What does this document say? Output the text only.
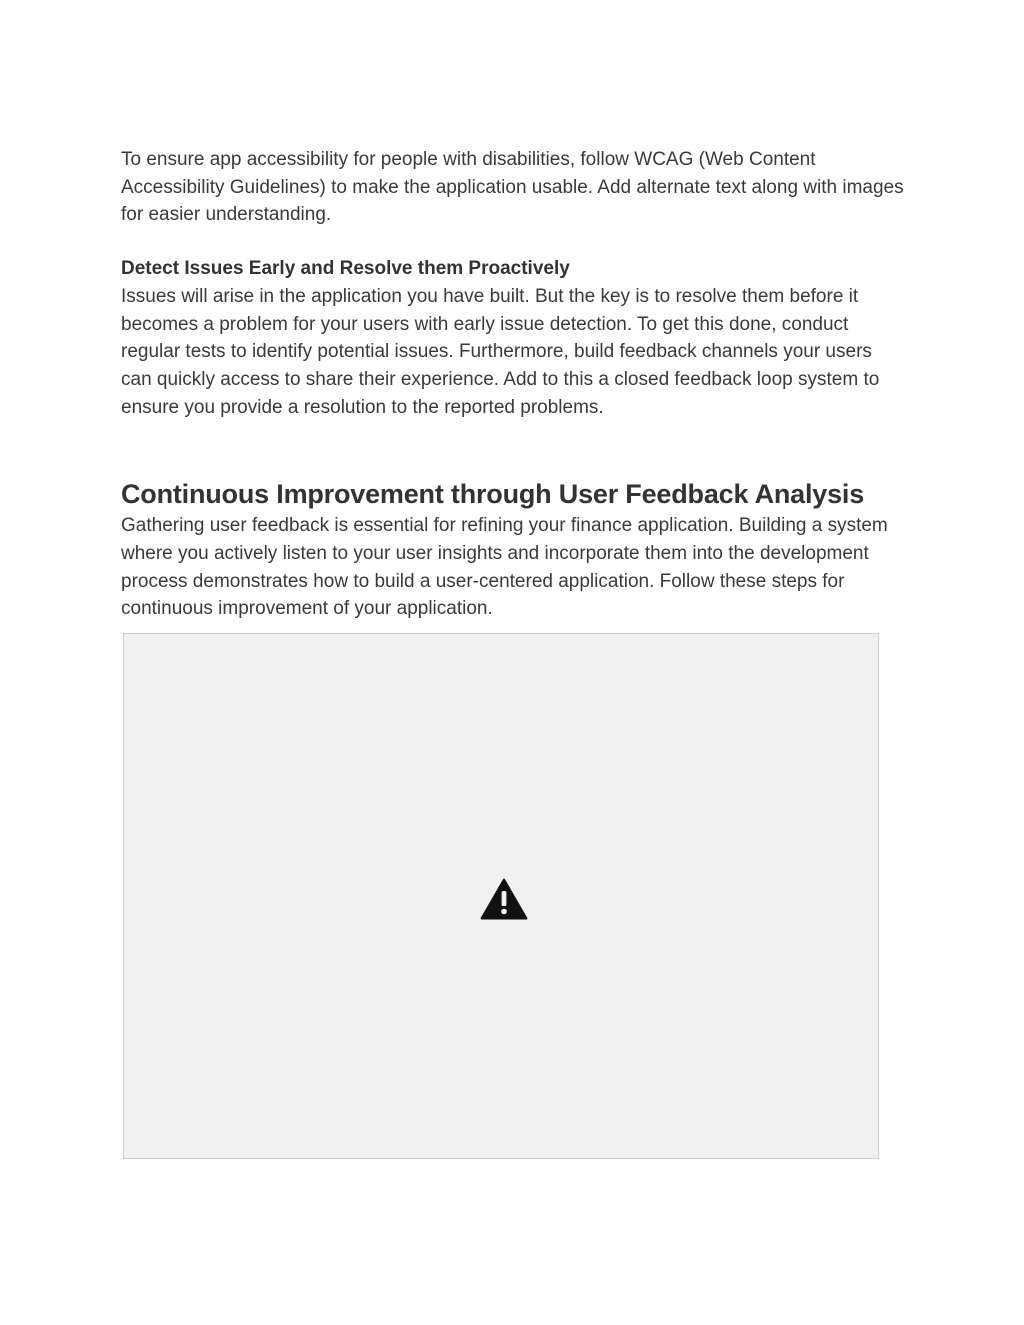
To ensure app accessibility for people with disabilities, follow WCAG (Web Content Accessibility Guidelines) to make the application usable. Add alternate text along with images for easier understanding.

Detect Issues Early and Resolve them Proactively

Issues will arise in the application you have built. But the key is to resolve them before it becomes a problem for your users with early issue detection. To get this done, conduct regular tests to identify potential issues. Furthermore, build feedback channels your users can quickly access to share their experience. Add to this a closed feedback loop system to ensure you provide a resolution to the reported problems.

Continuous Improvement through User Feedback Analysis

Gathering user feedback is essential for refining your finance application. Building a system where you actively listen to your user insights and incorporate them into the development process demonstrates how to build a user-centered application. Follow these steps for continuous improvement of your application.
